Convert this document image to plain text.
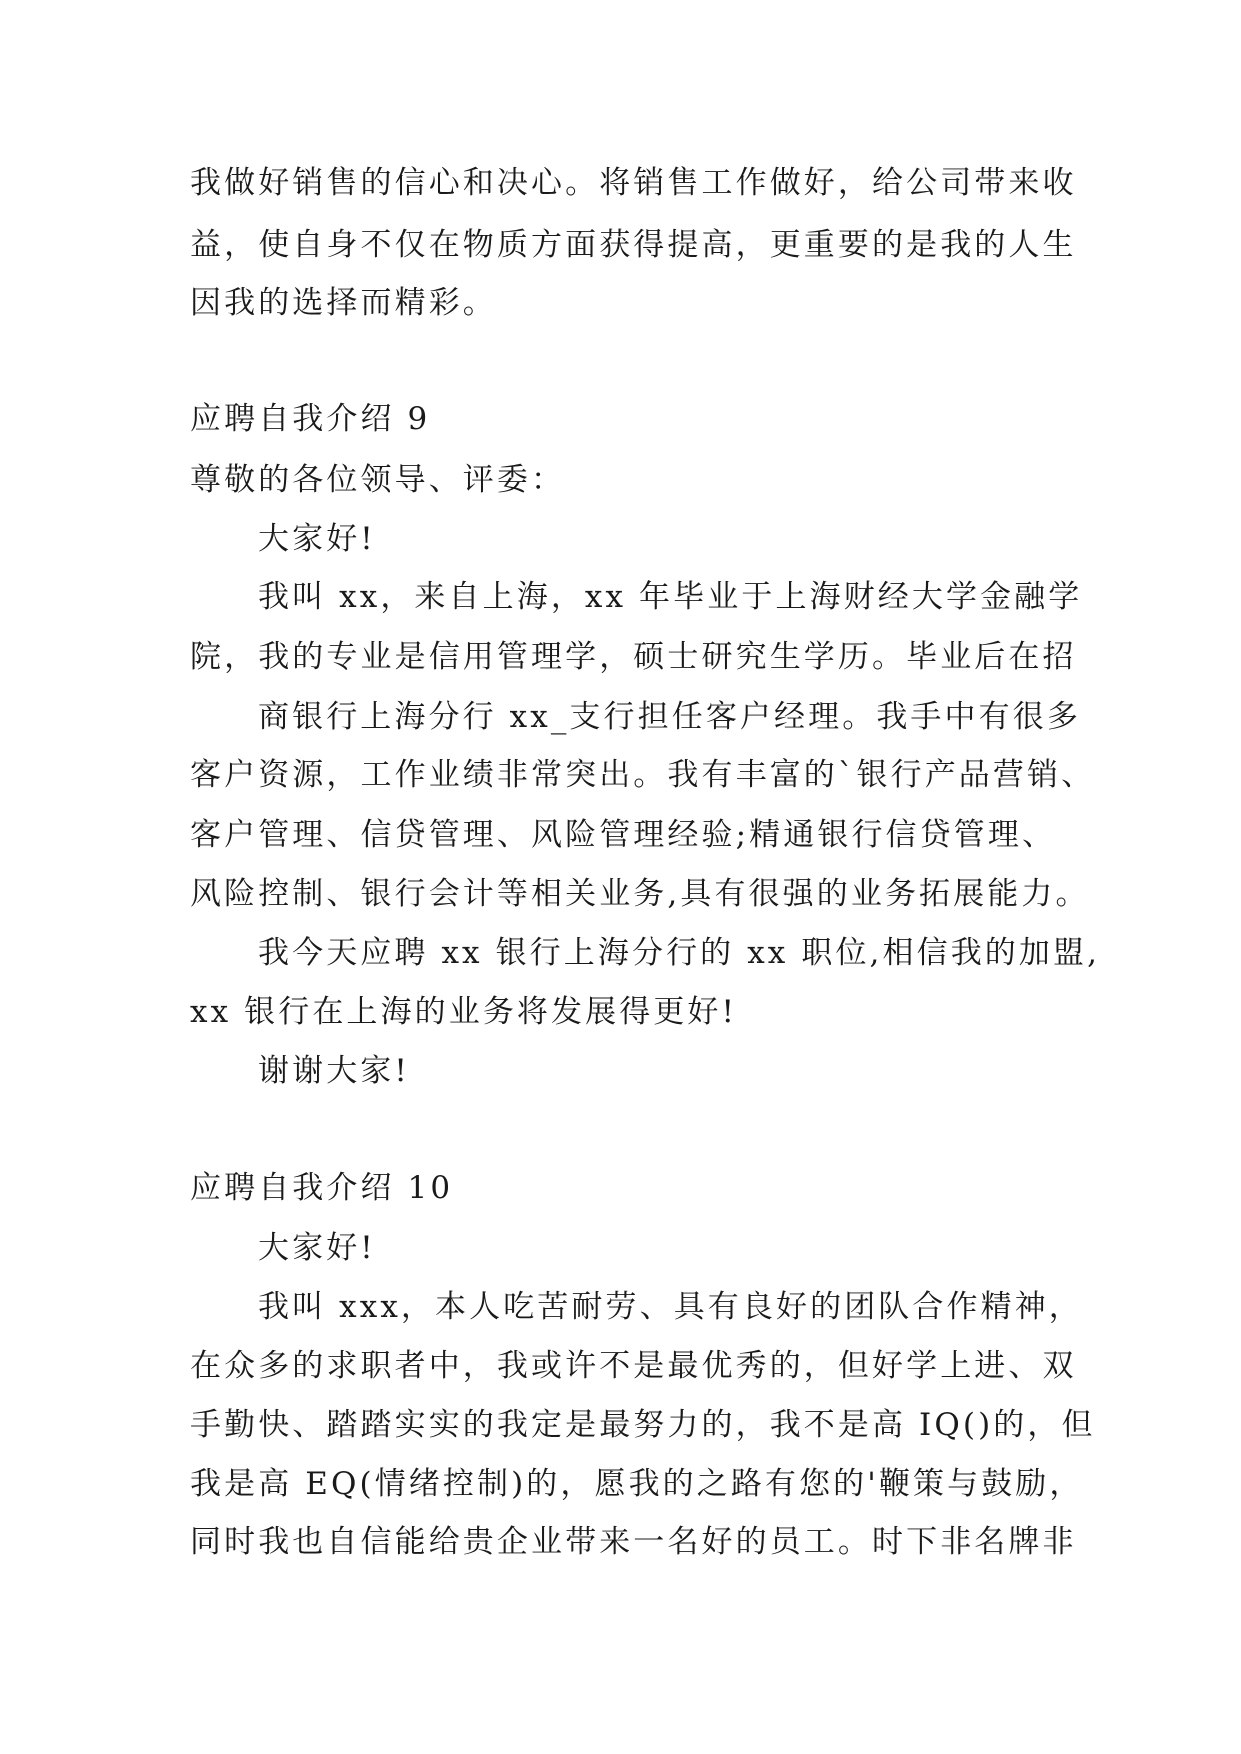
我做好销售的信心和决心。将销售工作做好，给公司带来收
益，使自身不仅在物质方面获得提高，更重要的是我的人生
因我的选择而精彩。
应聘自我介绍 9
尊敬的各位领导、评委：
大家好!
我叫 xx，来自上海，xx 年毕业于上海财经大学金融学
院，我的专业是信用管理学，硕士研究生学历。毕业后在招
商银行上海分行 xx_支行担任客户经理。我手中有很多
客户资源，工作业绩非常突出。我有丰富的`银行产品营销、
客户管理、信贷管理、风险管理经验;精通银行信贷管理、
风险控制、银行会计等相关业务,具有很强的业务拓展能力。
我今天应聘 xx 银行上海分行的 xx 职位,相信我的加盟,
xx 银行在上海的业务将发展得更好!
谢谢大家!
应聘自我介绍 10
大家好!
我叫 xxx，本人吃苦耐劳、具有良好的团队合作精神，
在众多的求职者中，我或许不是最优秀的，但好学上进、双
手勤快、踏踏实实的我定是最努力的，我不是高 IQ()的，但
我是高 EQ(情绪控制)的，愿我的之路有您的'鞭策与鼓励，
同时我也自信能给贵企业带来一名好的员工。时下非名牌非
